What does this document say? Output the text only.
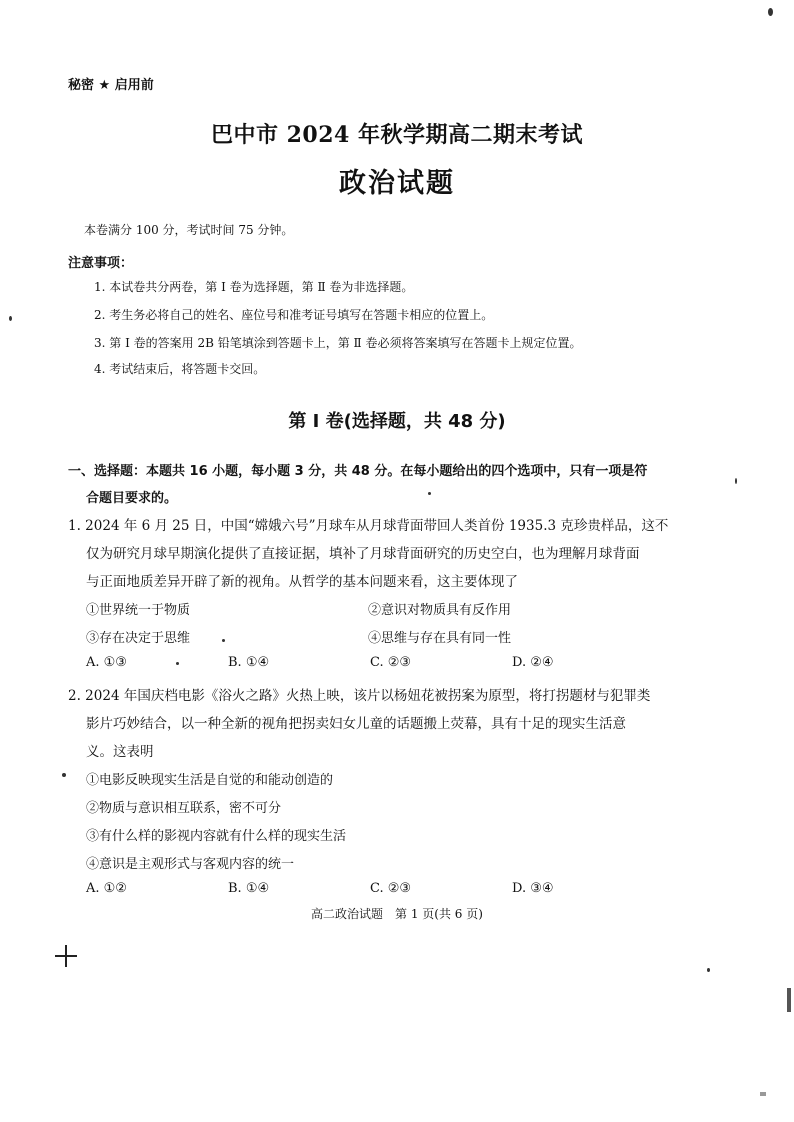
秘密 ★ 启用前
巴中市 2024 年秋学期高二期末考试
政治试题
本卷满分 100 分，考试时间 75 分钟。
注意事项：
1. 本试卷共分两卷，第 Ⅰ 卷为选择题，第 Ⅱ 卷为非选择题。
2. 考生务必将自己的姓名、座位号和准考证号填写在答题卡相应的位置上。
3. 第 Ⅰ 卷的答案用 2B 铅笔填涂到答题卡上，第 Ⅱ 卷必须将答案填写在答题卡上规定位置。
4. 考试结束后，将答题卡交回。
第 Ⅰ 卷(选择题，共 48 分)
一、选择题：本题共 16 小题，每小题 3 分，共 48 分。在每小题给出的四个选项中，只有一项是符
合题目要求的。
1. 2024 年 6 月 25 日，中国“嫦娥六号”月球车从月球背面带回人类首份 1935.3 克珍贵样品，这不
仅为研究月球早期演化提供了直接证据，填补了月球背面研究的历史空白，也为理解月球背面
与正面地质差异开辟了新的视角。从哲学的基本问题来看，这主要体现了
①世界统一于物质	②意识对物质具有反作用
③存在决定于思维	④思维与存在具有同一性
A. ①③	B. ①④	C. ②③	D. ②④
2. 2024 年国庆档电影《浴火之路》火热上映，该片以杨妞花被拐案为原型，将打拐题材与犯罪类
影片巧妙结合，以一种全新的视角把拐卖妇女儿童的话题搬上荧幕，具有十足的现实生活意
义。这表明
①电影反映现实生活是自觉的和能动创造的
②物质与意识相互联系，密不可分
③有什么样的影视内容就有什么样的现实生活
④意识是主观形式与客观内容的统一
A. ①②	B. ①④	C. ②③	D. ③④
高二政治试题　第 1 页(共 6 页)
